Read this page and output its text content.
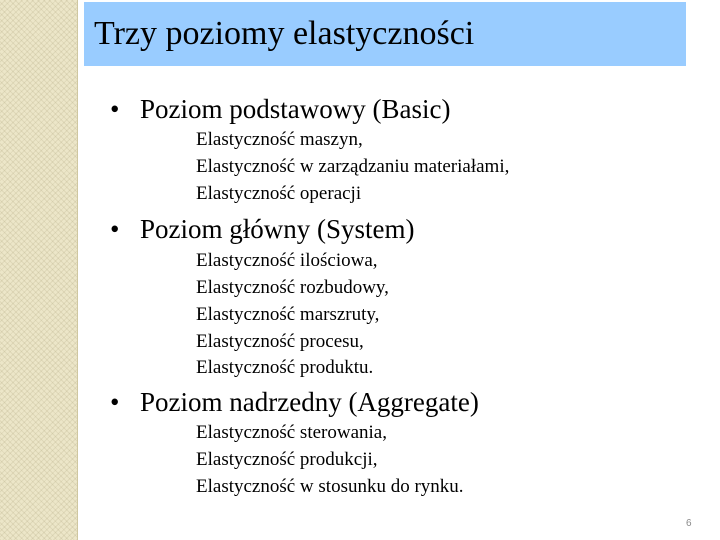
Trzy poziomy elastyczności
• Poziom podstawowy (Basic)
Elastyczność maszyn,
Elastyczność w zarządzaniu materiałami,
Elastyczność operacji
• Poziom główny (System)
Elastyczność ilościowa,
Elastyczność rozbudowy,
Elastyczność marszruty,
Elastyczność procesu,
Elastyczność produktu.
• Poziom nadrzedny (Aggregate)
Elastyczność sterowania,
Elastyczność produkcji,
Elastyczność w stosunku do rynku.
6
